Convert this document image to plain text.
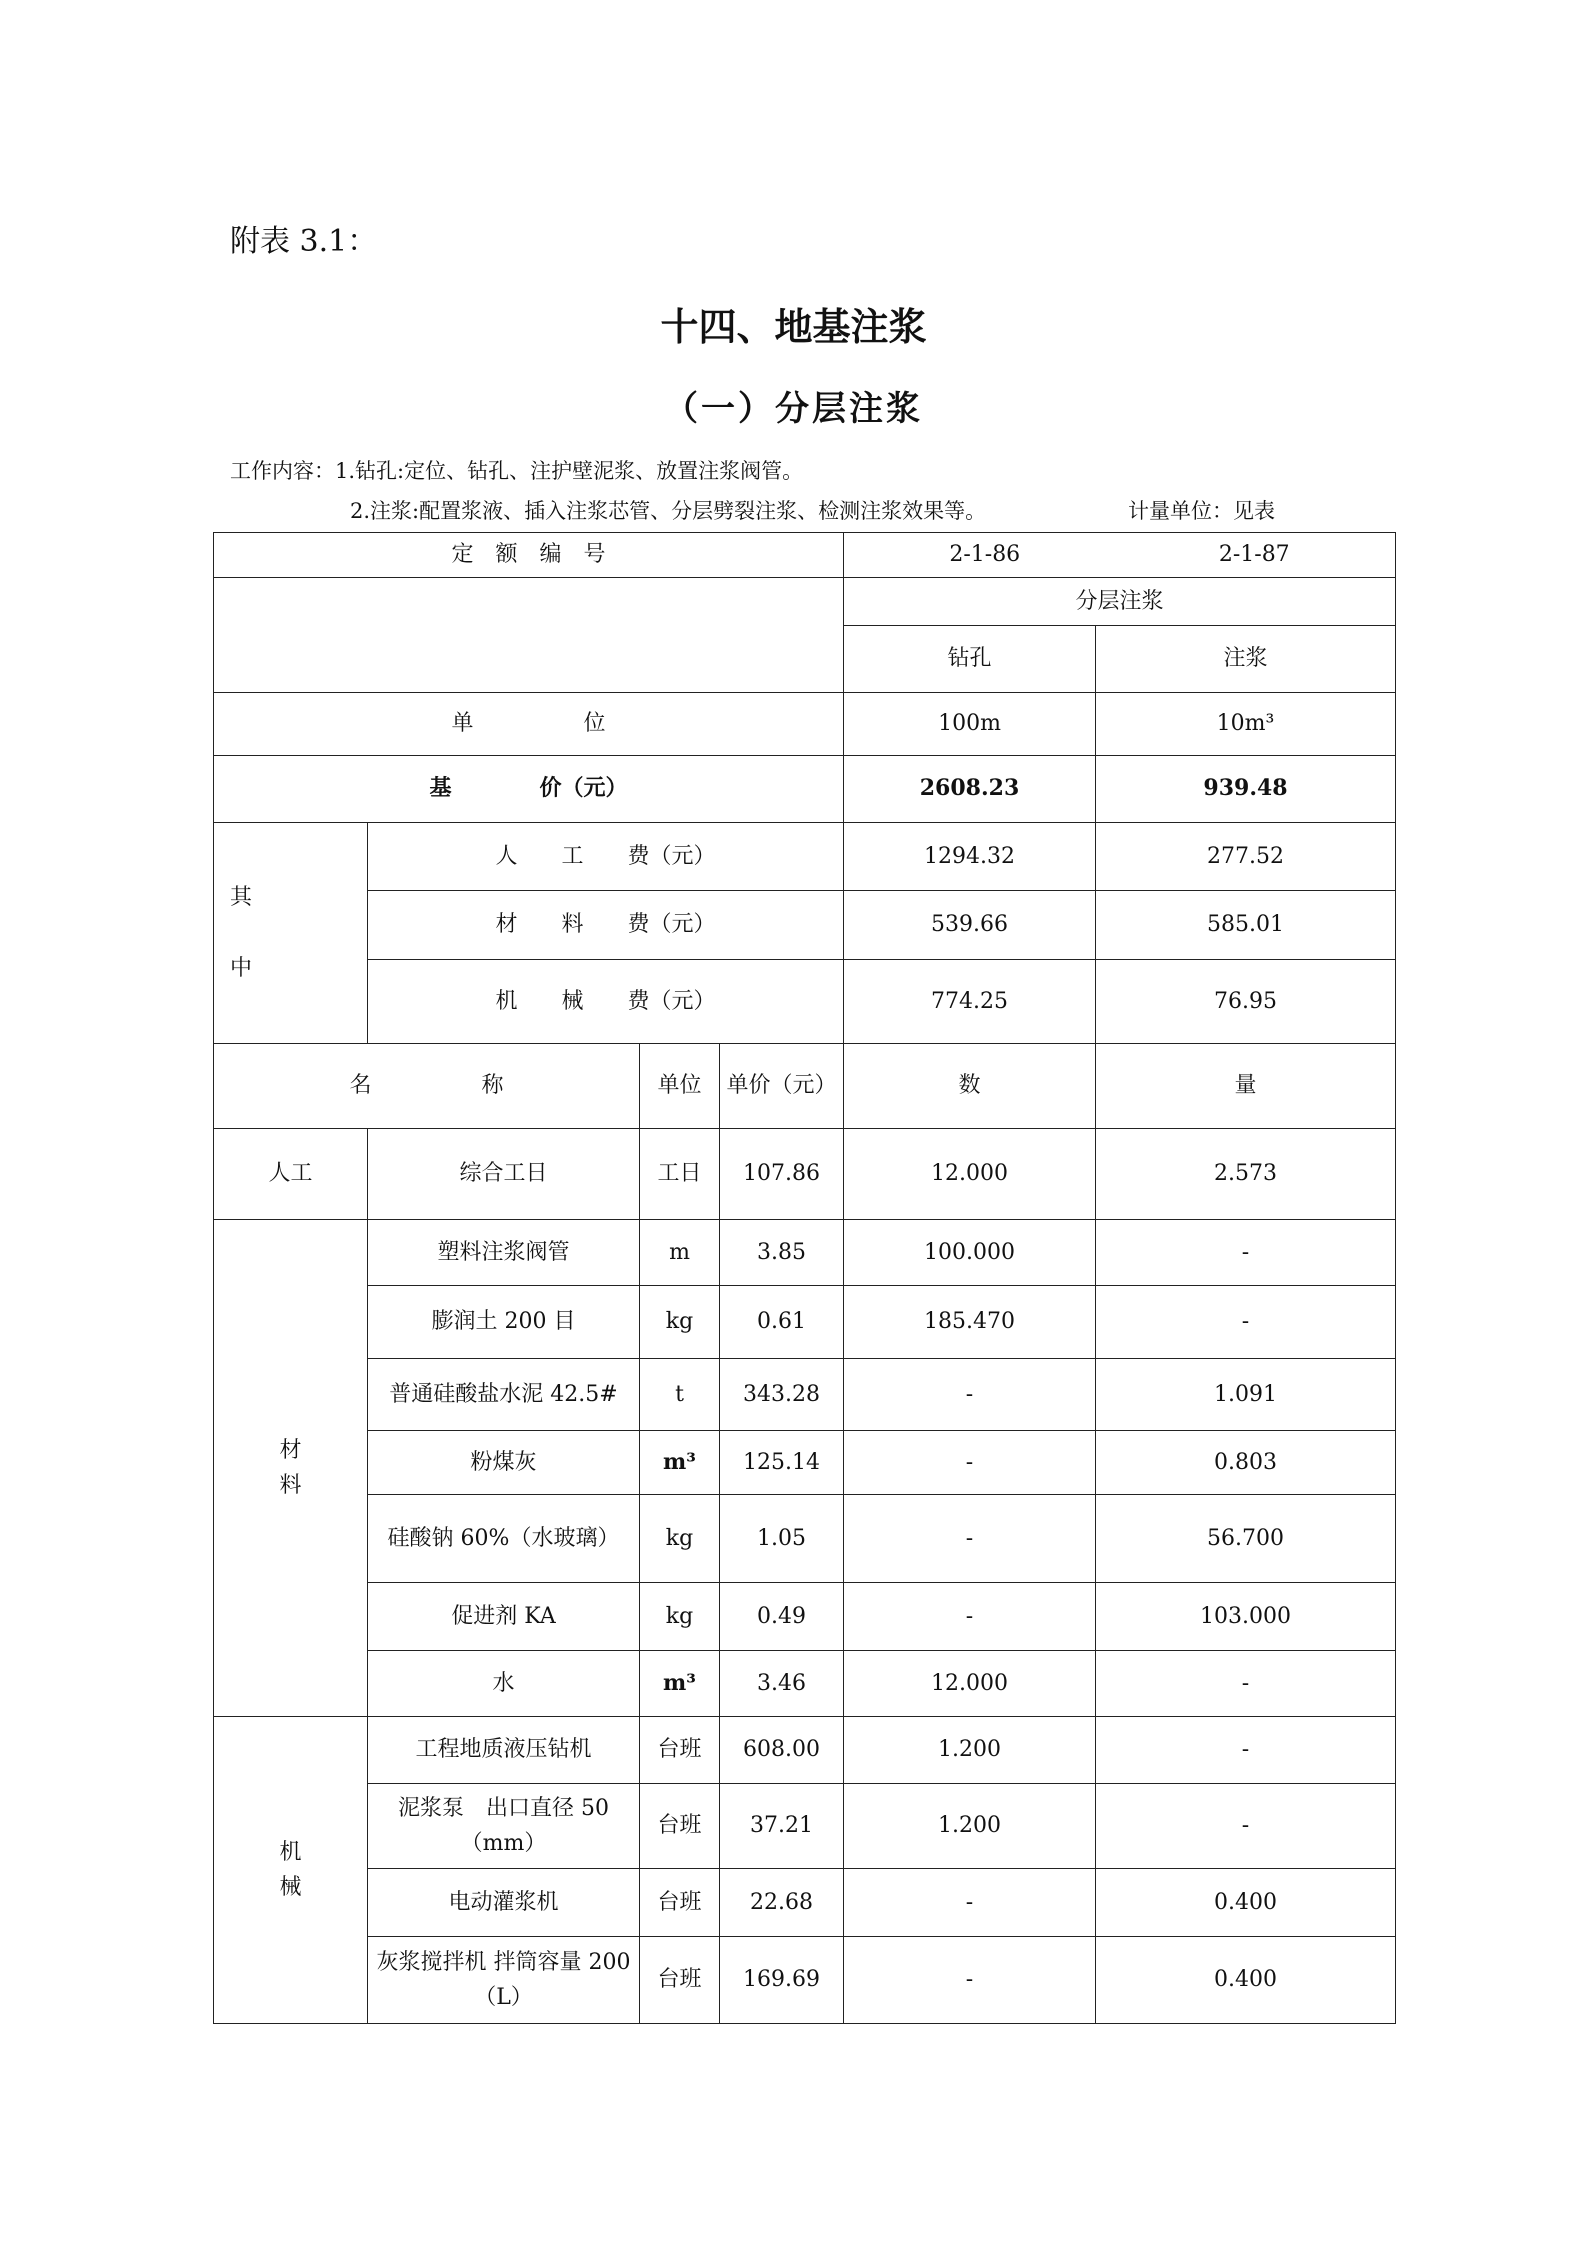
附表 3.1：
十四、地基注浆
（一）分层注浆
工作内容：1.钻孔:定位、钻孔、注护壁泥浆、放置注浆阀管。
2.注浆:配置浆液、插入注浆芯管、分层劈裂注浆、检测注浆效果等。	计量单位：见表
定　额　编　号				2-1-86 2-1-87	

				分层注浆	
				钻孔	注浆
单　　　　　位				100m	10m³
基　　　　价（元）				2608.23	939.48

其
中	人　　工　　费（元）			1294.32	277.52
	材　　料　　费（元）			539.66	585.01
	机　　械　　费（元）			774.25	76.95
名　　　　　称		单位	单价（元）	数	量
人工	综合工日	工日	107.86	12.000	2.573

材
料	塑料注浆阀管	m	3.85	100.000	-
	膨润土 200 目	kg	0.61	185.470	-
	普通硅酸盐水泥 42.5#	t	343.28	-	1.091
	粉煤灰	m³	125.14	-	0.803
	硅酸钠 60%（水玻璃）	kg	1.05	-	56.700
	促进剂 KA	kg	0.49	-	103.000
	水	m³	3.46	12.000	-

机
械	工程地质液压钻机	台班	608.00	1.200	-
	泥浆泵　出口直径 50（mm）	台班	37.21	1.200	-
	电动灌浆机	台班	22.68	-	0.400
	灰浆搅拌机 拌筒容量 200（L）	台班	169.69	-	0.400
